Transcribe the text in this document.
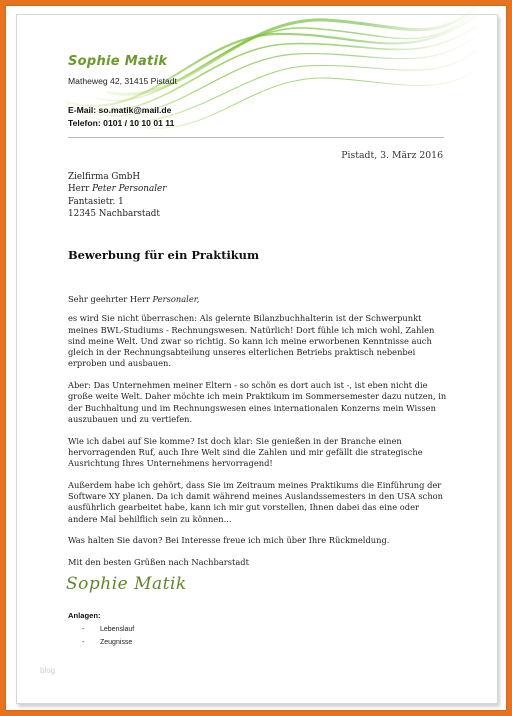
Sophie Matik
Matheweg 42, 31415 Pistadt
E-Mail: so.matik@mail.de
Telefon: 0101 / 10 10 01 11
Pistadt, 3. März 2016
Zielfirma GmbH
Herr Peter Personaler
Fantasietr. 1
12345 Nachbarstadt
Bewerbung für ein Praktikum

Sehr geehrter Herr Personaler,

es wird Sie nicht überraschen: Als gelernte Bilanzbuchhalterin ist der Schwerpunkt meines BWL-Studiums - Rechnungswesen. Natürlich! Dort fühle ich mich wohl, Zahlen sind meine Welt. Und zwar so richtig. So kann ich meine erworbenen Kenntnisse auch gleich in der Rechnungsabteilung unseres elterlichen Betriebs praktisch nebenbei erproben und ausbauen.

Aber: Das Unternehmen meiner Eltern - so schön es dort auch ist -, ist eben nicht die große weite Welt. Daher möchte ich mein Praktikum im Sommersemester dazu nutzen, in der Buchhaltung und im Rechnungswesen eines internationalen Konzerns mein Wissen auszubauen und zu vertiefen.

Wie ich dabei auf Sie komme? Ist doch klar: Sie genießen in der Branche einen hervorragenden Ruf, auch Ihre Welt sind die Zahlen und mir gefällt die strategische Ausrichtung Ihres Unternehmens hervorragend!

Außerdem habe ich gehört, dass Sie im Zeitraum meines Praktikums die Einführung der Software XY planen. Da ich damit während meines Auslandssemesters in den USA schon ausführlich gearbeitet habe, kann ich mir gut vorstellen, Ihnen dabei das eine oder andere Mal behilflich sein zu können...

Was halten Sie davon? Bei Interesse freue ich mich über Ihre Rückmeldung.

Mit den besten Grüßen nach Nachbarstadt

Sophie Matik
Anlagen:
- Lebenslauf
- Zeugnisse
blog
